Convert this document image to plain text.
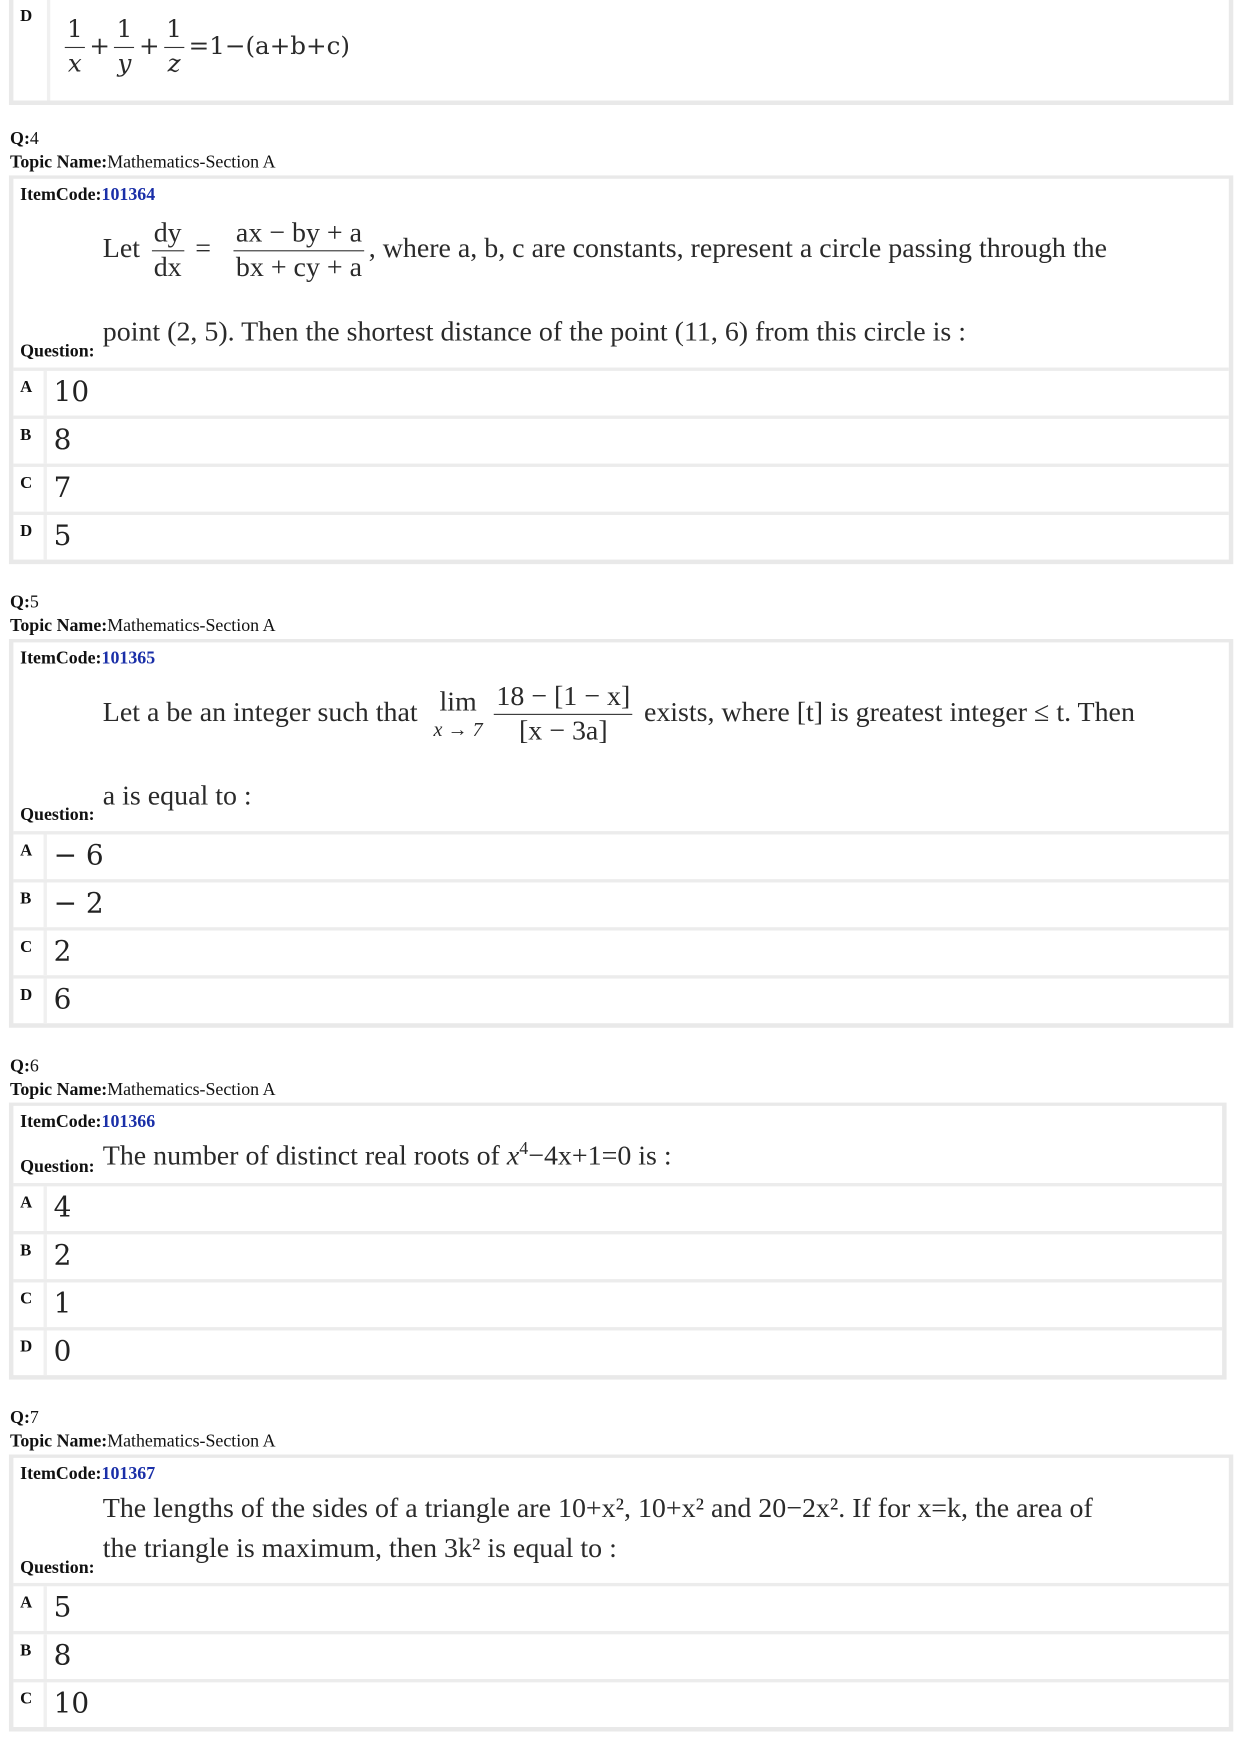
D $\frac{1}{x} + \frac{1}{y} + \frac{1}{z} =1-(a+b+c)$
Q:4
Topic Name:Mathematics-Section A
ItemCode:101364
Let $\frac{dy}{dx} = \frac{ax - by + a}{bx + cy + a}$ , where a, b, c are constants, represent a circle passing through the
point (2, 5). Then the shortest distance of the point (11, 6) from this circle is :
Question:
A 10
B 8
C 7
D 5
Q:5
Topic Name:Mathematics-Section A
ItemCode:101365
Let a be an integer such that lim
x → 7
$\frac{18 - [1 - x]}{[x - 3a]}$ exists, where [t] is greatest integer ≤ t. Then
a is equal to :
Question:
A − 6
B − 2
C 2
D 6
Q:6
Topic Name:Mathematics-Section A
ItemCode:101366
The number of distinct real roots of $x^4-4x+1=0$ is :
Question:
A 4
B 2
C 1
D 0
Q:7
Topic Name:Mathematics-Section A
ItemCode:101367
The lengths of the sides of a triangle are 10+x², 10+x² and 20−2x². If for x=k, the area of
the triangle is maximum, then 3k² is equal to :
Question:
A 5
B 8
C 10
